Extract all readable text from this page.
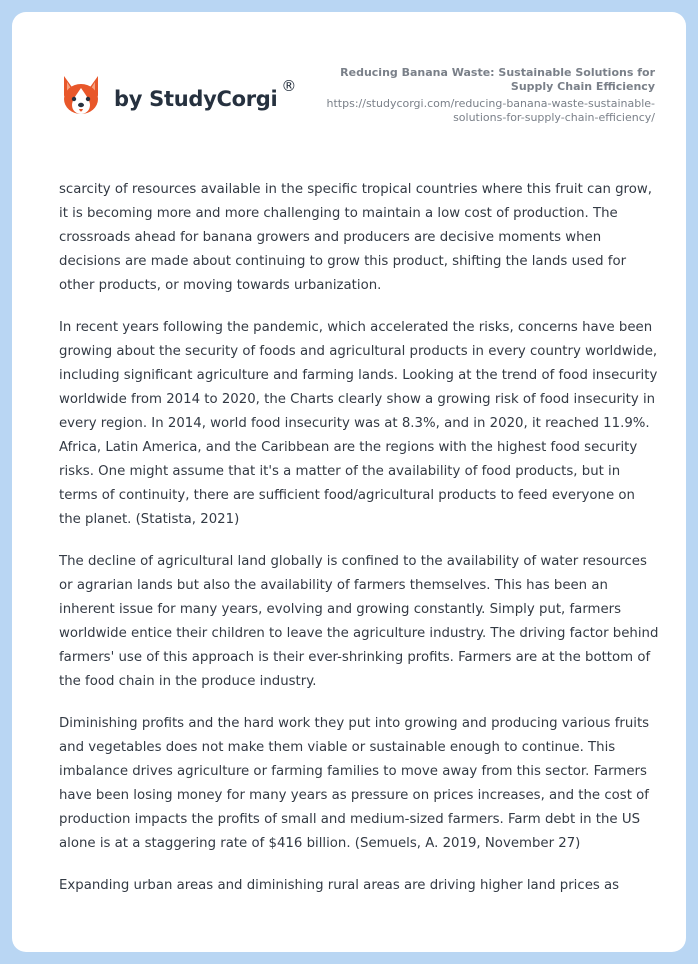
by StudyCorgi
®
Reducing Banana Waste: Sustainable Solutions for Supply Chain Efficiency
https://studycorgi.com/reducing-banana-waste-sustainable-solutions-for-supply-chain-efficiency/

scarcity of resources available in the specific tropical countries where this fruit can grow, it is becoming more and more challenging to maintain a low cost of production. The crossroads ahead for banana growers and producers are decisive moments when decisions are made about continuing to grow this product, shifting the lands used for other products, or moving towards urbanization.

In recent years following the pandemic, which accelerated the risks, concerns have been growing about the security of foods and agricultural products in every country worldwide, including significant agriculture and farming lands. Looking at the trend of food insecurity worldwide from 2014 to 2020, the Charts clearly show a growing risk of food insecurity in every region. In 2014, world food insecurity was at 8.3%, and in 2020, it reached 11.9%. Africa, Latin America, and the Caribbean are the regions with the highest food security risks. One might assume that it's a matter of the availability of food products, but in terms of continuity, there are sufficient food/agricultural products to feed everyone on the planet. (Statista, 2021)

The decline of agricultural land globally is confined to the availability of water resources or agrarian lands but also the availability of farmers themselves. This has been an inherent issue for many years, evolving and growing constantly. Simply put, farmers worldwide entice their children to leave the agriculture industry. The driving factor behind farmers' use of this approach is their ever-shrinking profits. Farmers are at the bottom of the food chain in the produce industry.

Diminishing profits and the hard work they put into growing and producing various fruits and vegetables does not make them viable or sustainable enough to continue. This imbalance drives agriculture or farming families to move away from this sector. Farmers have been losing money for many years as pressure on prices increases, and the cost of production impacts the profits of small and medium-sized farmers. Farm debt in the US alone is at a staggering rate of $416 billion. (Semuels, A. 2019, November 27)

Expanding urban areas and diminishing rural areas are driving higher land prices as
